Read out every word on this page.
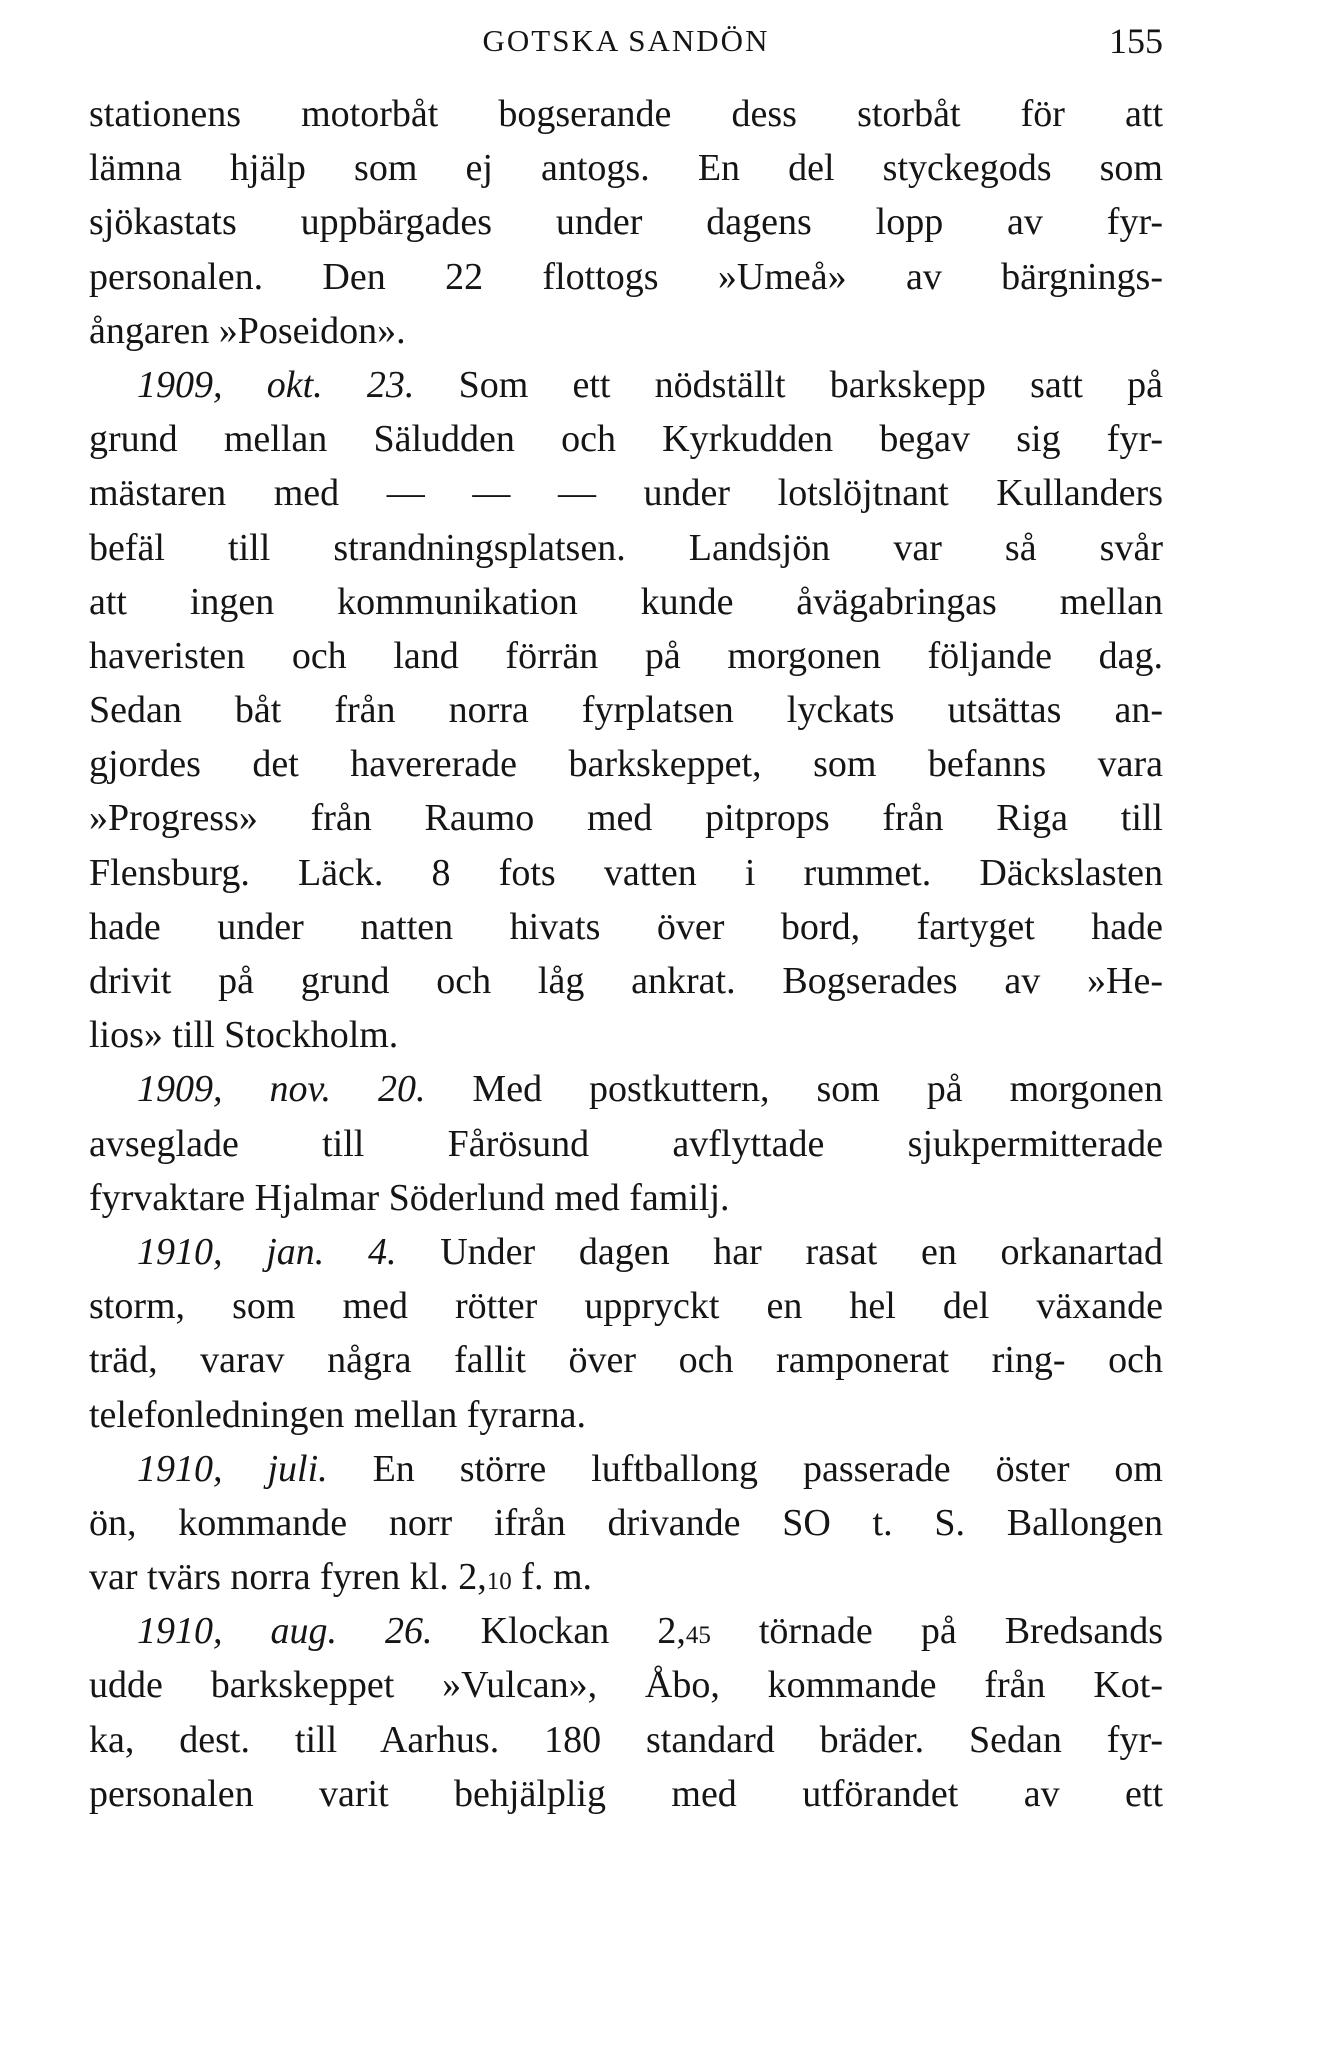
GOTSKA SANDÖN	155
stationens motorbåt bogserande dess storbåt för att
lämna hjälp som ej antogs. En del styckegods som
sjökastats uppbärgades under dagens lopp av fyr-
personalen. Den 22 flottogs »Umeå» av bärgnings-
ångaren »Poseidon».
1909, okt. 23. Som ett nödställt barkskepp satt på
grund mellan Säludden och Kyrkudden begav sig fyr-
mästaren med — — — under lotslöjtnant Kullanders
befäl till strandningsplatsen. Landsjön var så svår
att ingen kommunikation kunde åvägabringas mellan
haveristen och land förrän på morgonen följande dag.
Sedan båt från norra fyrplatsen lyckats utsättas an-
gjordes det havererade barkskeppet, som befanns vara
»Progress» från Raumo med pitprops från Riga till
Flensburg. Läck. 8 fots vatten i rummet. Däckslasten
hade under natten hivats över bord, fartyget hade
drivit på grund och låg ankrat. Bogserades av »He-
lios» till Stockholm.
1909, nov. 20. Med postkuttern, som på morgonen
avseglade till Fårösund avflyttade sjukpermitterade
fyrvaktare Hjalmar Söderlund med familj.
1910, jan. 4. Under dagen har rasat en orkanartad
storm, som med rötter uppryckt en hel del växande
träd, varav några fallit över och ramponerat ring- och
telefonledningen mellan fyrarna.
1910, juli. En större luftballong passerade öster om
ön, kommande norr ifrån drivande SO t. S. Ballongen
var tvärs norra fyren kl. 2,10 f. m.
1910, aug. 26. Klockan 2,45 törnade på Bredsands
udde barkskeppet »Vulcan», Åbo, kommande från Kot-
ka, dest. till Aarhus. 180 standard bräder. Sedan fyr-
personalen varit behjälplig med utförandet av ett
